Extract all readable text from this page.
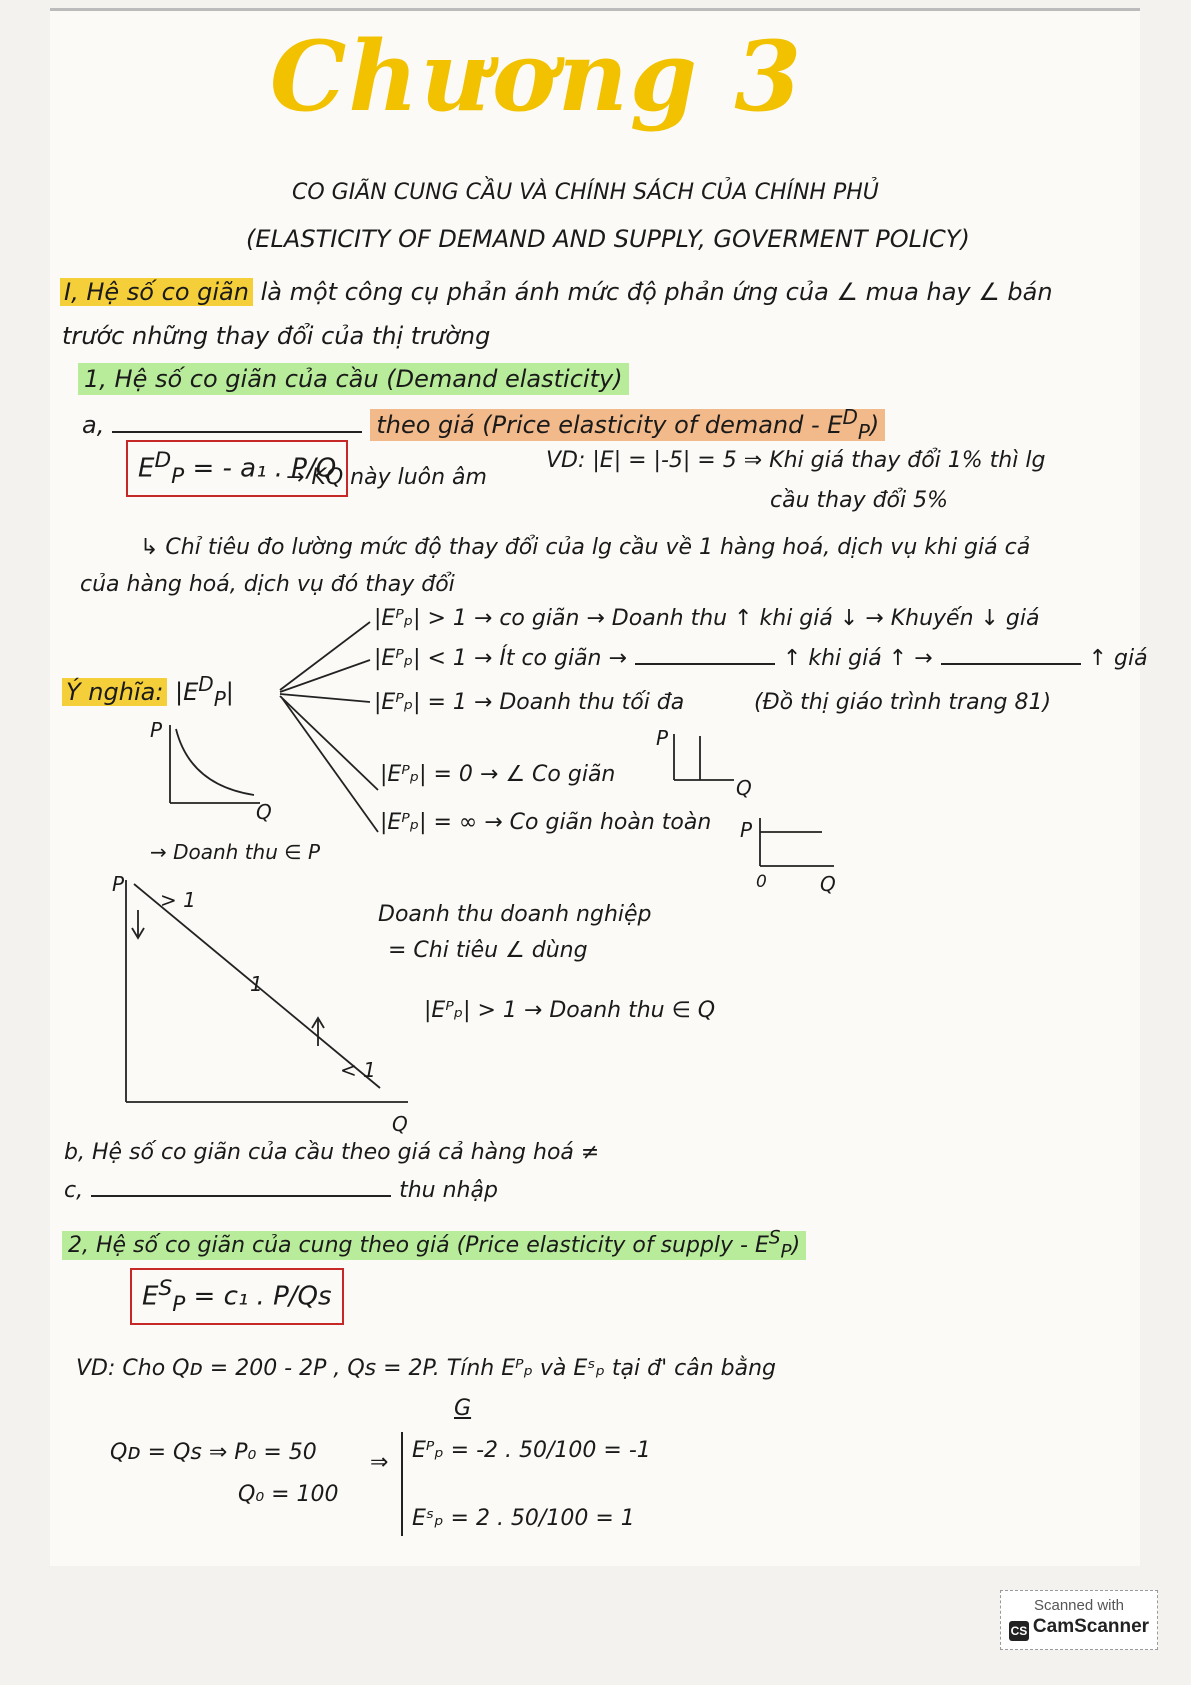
Chương 3
CO GIÃN CUNG CẦU VÀ CHÍNH SÁCH CỦA CHÍNH PHỦ
(ELASTICITY OF DEMAND AND SUPPLY, GOVERMENT POLICY)
I, Hệ số co giãn là một công cụ phản ánh mức độ phản ứng của ∠ mua hay ∠ bán
trước những thay đổi của thị trường
1, Hệ số co giãn của cầu (Demand elasticity)
a,	theo giá (Price elasticity of demand - $E^D_P$)
$E^D_P$ = - a₁ . P/Q
→ KQ này luôn âm
VD: |E| = |-5| = 5 ⇒ Khi giá thay đổi 1% thì lg
cầu thay đổi 5%
↳ Chỉ tiêu đo lường mức độ thay đổi của lg cầu về 1 hàng hoá, dịch vụ khi giá cả
của hàng hoá, dịch vụ đó thay đổi
Ý nghĩa: $|E^D_P|$
|Eᴾₚ| > 1 → co giãn → Doanh thu ↑ khi giá ↓ → Khuyến ↓ giá
|Eᴾₚ| < 1 → Ít co giãn →	↑ khi giá ↑ →	↑ giá
|Eᴾₚ| = 1 → Doanh thu tối đa	(Đồ thị giáo trình trang 81)
|Eᴾₚ| = 0 → ∠ Co giãn
|Eᴾₚ| = ∞ → Co giãn hoàn toàn
P
Q
P
Q
P
0	Q
→ Doanh thu ∈ P
P
> 1
1
< 1
Q
Doanh thu doanh nghiệp
= Chi tiêu ∠ dùng
|Eᴾₚ| > 1 → Doanh thu ∈ Q
b, Hệ số co giãn của cầu theo giá cả hàng hoá ≠
c,	thu nhập
2, Hệ số co giãn của cung theo giá (Price elasticity of supply - $E^S_P$)
$E^S_P = c_1$ . P/Qs
VD: Cho Qᴅ = 200 - 2P , Qs = 2P. Tính Eᴾₚ và Eˢₚ tại đ' cân bằng
G
Qᴅ = Qs ⇒ P₀ = 50
Q₀ = 100
⇒ Eᴾₚ = -2 . 50/100 = -1
Eˢₚ = 2 . 50/100 = 1
Scanned with
CS CamScanner
